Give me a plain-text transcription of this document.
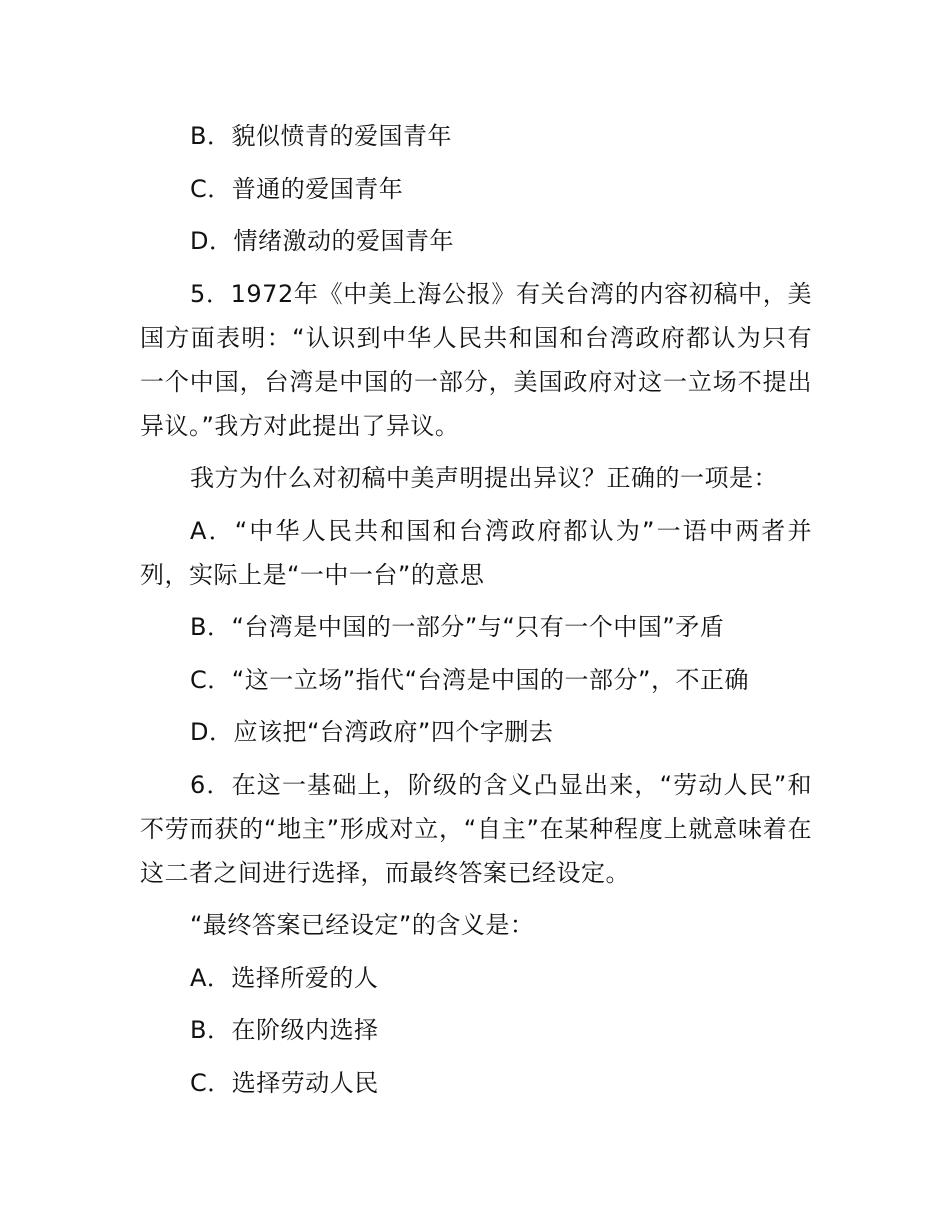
B．貌似愤青的爱国青年

C．普通的爱国青年

D．情绪激动的爱国青年

5．1972年《中美上海公报》有关台湾的内容初稿中，美国方面表明：“认识到中华人民共和国和台湾政府都认为只有一个中国，台湾是中国的一部分，美国政府对这一立场不提出异议。”我方对此提出了异议。

我方为什么对初稿中美声明提出异议？正确的一项是：

A．“中华人民共和国和台湾政府都认为”一语中两者并列，实际上是“一中一台”的意思

B．“台湾是中国的一部分”与“只有一个中国”矛盾

C．“这一立场”指代“台湾是中国的一部分”，不正确

D．应该把“台湾政府”四个字删去

6．在这一基础上，阶级的含义凸显出来，“劳动人民”和不劳而获的“地主”形成对立，“自主”在某种程度上就意味着在这二者之间进行选择，而最终答案已经设定。

“最终答案已经设定”的含义是：

A．选择所爱的人

B．在阶级内选择

C．选择劳动人民
